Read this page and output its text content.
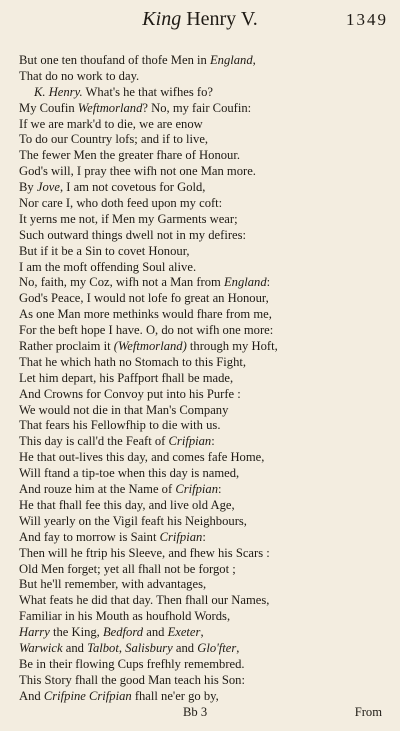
King Henry V.	1349
But one ten thoufand of thofe Men in England,
That do no work to day.
K. Henry. What's he that wifhes fo?
My Coufin Weftmorland? No, my fair Coufin:
If we are mark'd to die, we are enow
To do our Country lofs; and if to live,
The fewer Men the greater fhare of Honour.
God's will, I pray thee wifh not one Man more.
By Jove, I am not covetous for Gold,
Nor care I, who doth feed upon my coft:
It yerns me not, if Men my Garments wear;
Such outward things dwell not in my defires:
But if it be a Sin to covet Honour,
I am the moft offending Soul alive.
No, faith, my Coz, wifh not a Man from England:
God's Peace, I would not lofe fo great an Honour,
As one Man more methinks would fhare from me,
For the beft hope I have. O, do not wifh one more:
Rather proclaim it (Weftmorland) through my Hoft,
That he which hath no Stomach to this Fight,
Let him depart, his Paffport fhall be made,
And Crowns for Convoy put into his Purfe :
We would not die in that Man's Company
That fears his Fellowfhip to die with us.
This day is call'd the Feaft of Crifpian:
He that out-lives this day, and comes fafe Home,
Will ftand a tip-toe when this day is named,
And rouze him at the Name of Crifpian:
He that fhall fee this day, and live old Age,
Will yearly on the Vigil feaft his Neighbours,
And fay to morrow is Saint Crifpian:
Then will he ftrip his Sleeve, and fhew his Scars :
Old Men forget; yet all fhall not be forgot ;
But he'll remember, with advantages,
What feats he did that day. Then fhall our Names,
Familiar in his Mouth as houfhold Words,
Harry the King, Bedford and Exeter,
Warwick and Talbot, Salisbury and Glo'fter,
Be in their flowing Cups frefhly remembred.
This Story fhall the good Man teach his Son:
And Crifpine Crifpian fhall ne'er go by,
Bb 3	From
